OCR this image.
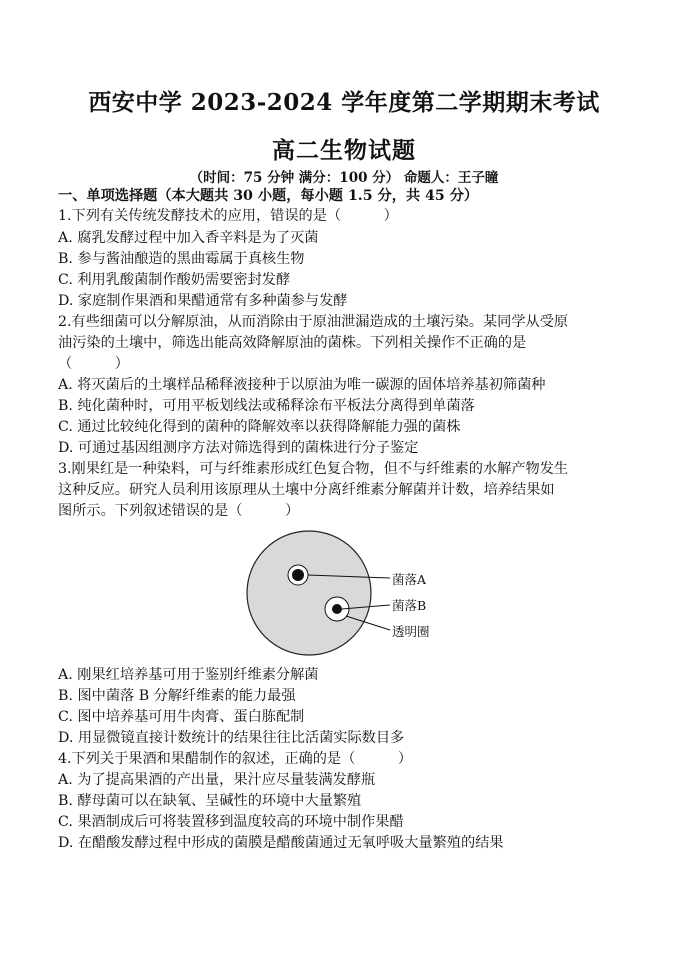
西安中学 2023-2024 学年度第二学期期末考试
高二生物试题
（时间：75 分钟 满分：100 分） 命题人：王子瞳
一、单项选择题（本大题共 30 小题，每小题 1.5 分，共 45 分）
1.下列有关传统发酵技术的应用，错误的是（　　　）
A. 腐乳发酵过程中加入香辛料是为了灭菌
B. 参与酱油酿造的黑曲霉属于真核生物
C. 利用乳酸菌制作酸奶需要密封发酵
D. 家庭制作果酒和果醋通常有多种菌参与发酵
2.有些细菌可以分解原油，从而消除由于原油泄漏造成的土壤污染。某同学从受原
油污染的土壤中，筛选出能高效降解原油的菌株。下列相关操作不正确的是
（　　　）
A. 将灭菌后的土壤样品稀释液接种于以原油为唯一碳源的固体培养基初筛菌种
B. 纯化菌种时，可用平板划线法或稀释涂布平板法分离得到单菌落
C. 通过比较纯化得到的菌种的降解效率以获得降解能力强的菌株
D. 可通过基因组测序方法对筛选得到的菌株进行分子鉴定
3.刚果红是一种染料，可与纤维素形成红色复合物，但不与纤维素的水解产物发生
这种反应。研究人员利用该原理从土壤中分离纤维素分解菌并计数，培养结果如
图所示。下列叙述错误的是（　　　）
菌落A
菌落B
透明圈
A. 刚果红培养基可用于鉴别纤维素分解菌
B. 图中菌落 B 分解纤维素的能力最强
C. 图中培养基可用牛肉膏、蛋白胨配制
D. 用显微镜直接计数统计的结果往往比活菌实际数目多
4.下列关于果酒和果醋制作的叙述，正确的是（　　　）
A. 为了提高果酒的产出量，果汁应尽量装满发酵瓶
B. 酵母菌可以在缺氧、呈碱性的环境中大量繁殖
C. 果酒制成后可将装置移到温度较高的环境中制作果醋
D. 在醋酸发酵过程中形成的菌膜是醋酸菌通过无氧呼吸大量繁殖的结果
